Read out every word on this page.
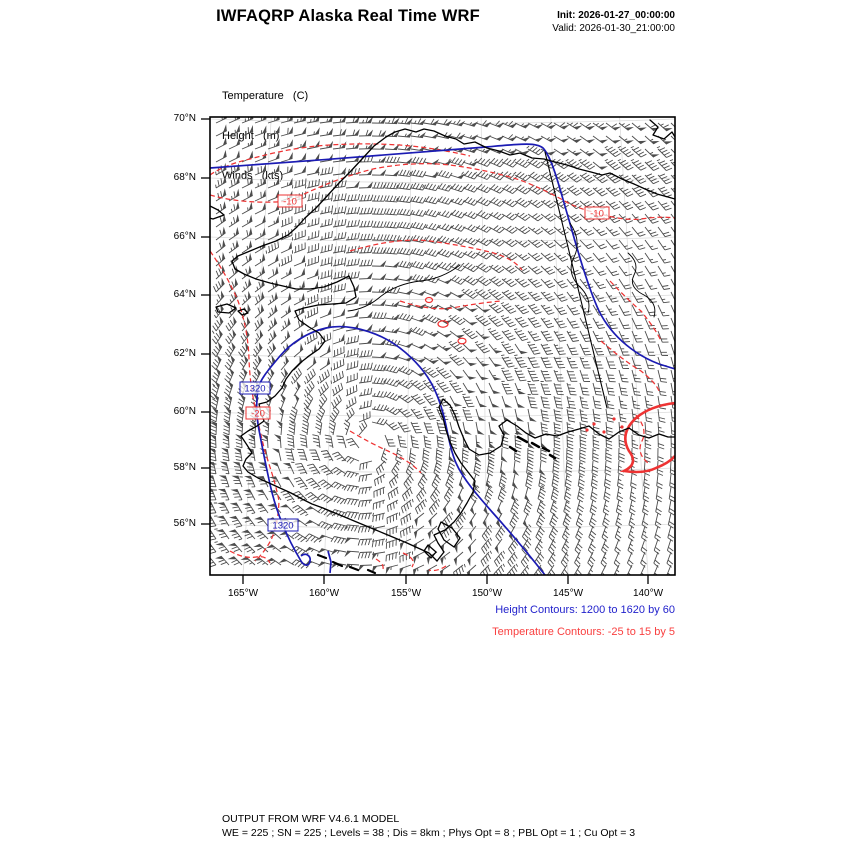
IWFAQRP Alaska Real Time WRF	Init: 2026-01-27_00:00:00
Valid: 2026-01-30_21:00:00

Temperature   (C)

Height   (m)

Winds   (kts)

1320
1320
-10
-10
-20
70°N
68°N
66°N
64°N
62°N
60°N
58°N
56°N
165°W	160°W	155°W	150°W	145°W	140°W
Height Contours: 1200 to 1620 by 60
Temperature Contours: -25 to 15 by 5
OUTPUT FROM WRF V4.6.1 MODEL
WE = 225 ; SN = 225 ; Levels = 38 ; Dis = 8km ; Phys Opt = 8 ; PBL Opt = 1 ; Cu Opt = 3
